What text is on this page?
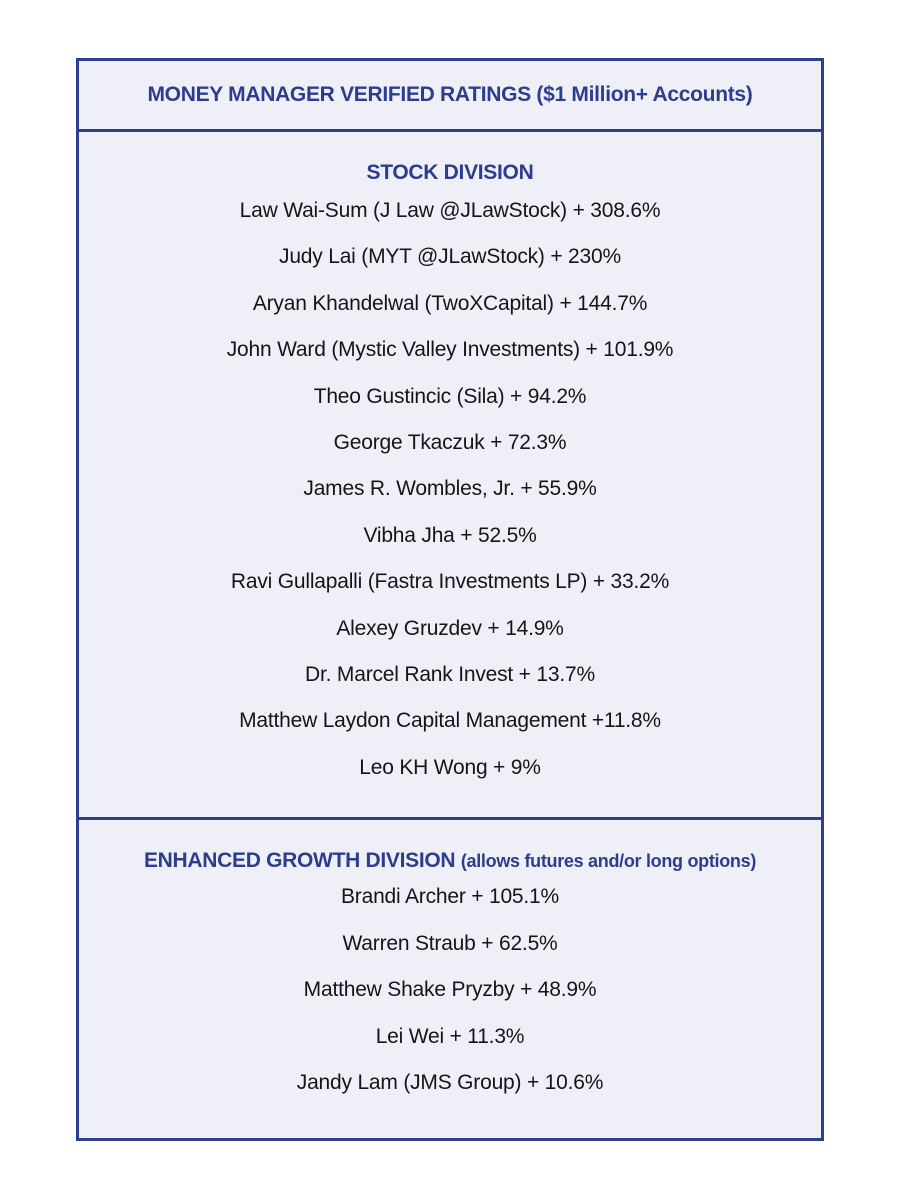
MONEY MANAGER VERIFIED RATINGS ($1 Million+ Accounts)
STOCK DIVISION
Law Wai-Sum (J Law @JLawStock) + 308.6%
Judy Lai (MYT @JLawStock) + 230%
Aryan Khandelwal (TwoXCapital) + 144.7%
John Ward (Mystic Valley Investments) + 101.9%
Theo Gustincic (Sila) + 94.2%
George Tkaczuk + 72.3%
James R. Wombles, Jr. + 55.9%
Vibha Jha + 52.5%
Ravi Gullapalli (Fastra Investments LP) + 33.2%
Alexey Gruzdev + 14.9%
Dr. Marcel Rank Invest + 13.7%
Matthew Laydon Capital Management +11.8%
Leo KH Wong + 9%
ENHANCED GROWTH DIVISION (allows futures and/or long options)
Brandi Archer + 105.1%
Warren Straub + 62.5%
Matthew Shake Pryzby + 48.9%
Lei Wei + 11.3%
Jandy Lam (JMS Group) + 10.6%
